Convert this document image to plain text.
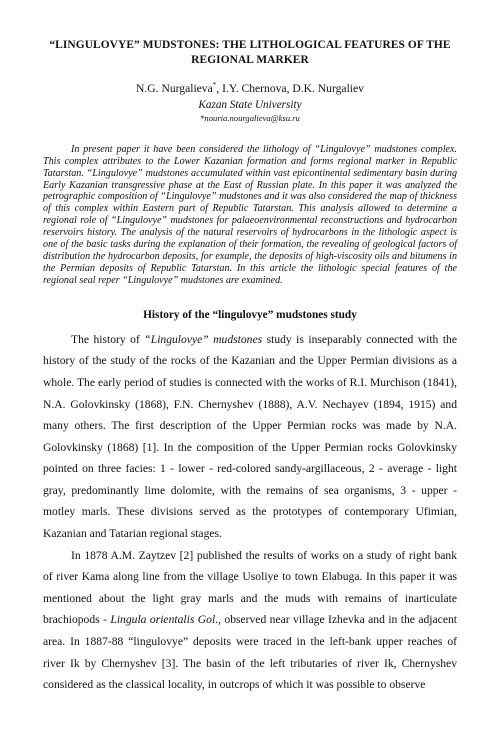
“LINGULOVYE” MUDSTONES: THE LITHOLOGICAL FEATURES OF THE REGIONAL MARKER
N.G. Nurgalieva*, I.Y. Chernova, D.K. Nurgaliev
Kazan State University
*nouria.nourgalieva@ksu.ru
In present paper it have been considered the lithology of “Lingulovye” mudstones complex. This complex attributes to the Lower Kazanian formation and forms regional marker in Republic Tatarstan. “Lingulovye” mudstones accumulated within vast epicontinental sedimentary basin during Early Kazanian transgressive phase at the East of Russian plate. In this paper it was analyzed the petrographic composition of “Lingulovye” mudstones and it was also considered the map of thickness of this complex within Eastern part of Republic Tatarstan. This analysis allowed to determine a regional role of “Lingulovye” mudstones for palaeoenvironmental reconstructions and hydrocarbon reservoirs history. The analysis of the natural reservoirs of hydrocarbons in the lithologic aspect is one of the basic tasks during the explanation of their formation, the revealing of geological factors of distribution the hydrocarbon deposits, for example, the deposits of high-viscosity oils and bitumens in the Permian deposits of Republic Tatarstan. In this article the lithologic special features of the regional seal reper “Lingulovye” mudstones are examined.
History of the “lingulovye” mudstones study

The history of “Lingulovye” mudstones study is inseparably connected with the history of the study of the rocks of the Kazanian and the Upper Permian divisions as a whole. The early period of studies is connected with the works of R.I. Murchison (1841), N.A. Golovkinsky (1868), F.N. Chernyshev (1888), A.V. Nechayev (1894, 1915) and many others. The first description of the Upper Permian rocks was made by N.A. Golovkinsky (1868) [1]. In the composition of the Upper Permian rocks Golovkinsky pointed on three facies: 1 - lower - red-colored sandy-argillaceous, 2 - average - light gray, predominantly lime dolomite, with the remains of sea organisms, 3 - upper - motley marls. These divisions served as the prototypes of contemporary Ufimian, Kazanian and Tatarian regional stages.

In 1878 A.M. Zaytzev [2] published the results of works on a study of right bank of river Kama along line from the village Usoliye to town Elabuga. In this paper it was mentioned about the light gray marls and the muds with remains of inarticulate brachiopods - Lingula orientalis Gol., observed near village Izhevka and in the adjacent area. In 1887-88 “lingulovye” deposits were traced in the left-bank upper reaches of river Ik by Chernyshev [3]. The basin of the left tributaries of river Ik, Chernyshev considered as the classical locality, in outcrops of which it was possible to observe
